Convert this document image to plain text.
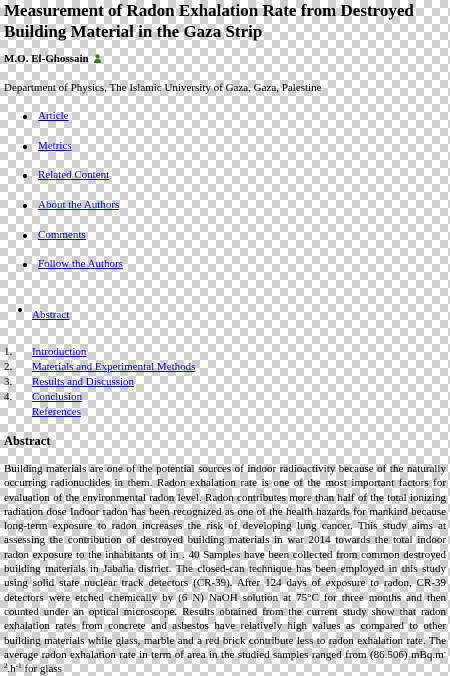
Measurement of Radon Exhalation Rate from Destroyed Building Material in the Gaza Strip
M.O. El-Ghossain
Department of Physics, The Islamic University of Gaza, Gaza, Palestine
Article
Metrics
Related Content
About the Authors
Comments
Follow the Authors
Abstract
1. Introduction
2. Materials and Experimental Methods
3. Results and Discussion
4. Conclusion
References
Abstract

Building materials are one of the potential sources of indoor radioactivity because of the naturally occurring radionuclides in them. Radon exhalation rate is one of the most important factors for evaluation of the environmental radon level. Radon contributes more than half of the total ionizing radiation dose Indoor radon has been recognized as one of the health hazards for mankind because long-term exposure to radon increases the risk of developing lung cancer. This study aims at assessing the contribution of destroyed building materials in war 2014 towards the total indoor radon exposure to the inhabitants of in . 40 Samples have been collected from common destroyed building materials in Jabalia district. The closed-can technique has been employed in this study using solid state nuclear track detectors (CR-39). After 124 days of exposure to radon, CR-39 detectors were etched chemically by (6 N) NaOH solution at 75°C for three months and then counted under an optical microscope. Results obtained from the current study show that radon exhalation rates from concrete and asbestos have relatively high values as compared to other building materials while glass, marble and a red brick contribute less to radon exhalation rate. The average radon exhalation rate in term of area in the studied samples ranged from (86.506) $mBq.m^{-2}.h^{-1}$ for glass
